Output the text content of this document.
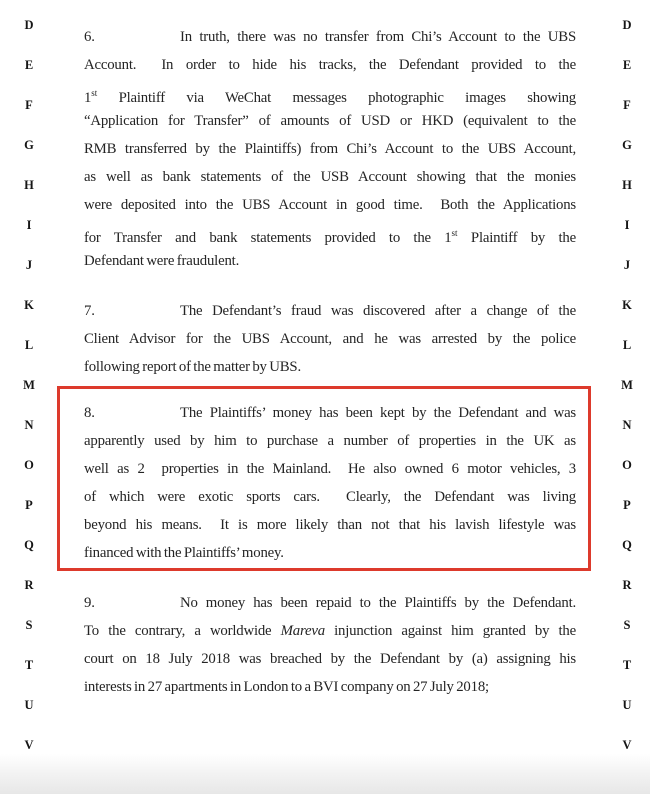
D
E
F
G
H
I
J
K
L
M
N
O
P
Q
R
S
T
U
V
D
E
F
G
H
I
J
K
L
M
N
O
P
Q
R
S
T
U
V
6.	In truth, there was no transfer from Chi’s Account to the UBS
Account.  In order to hide his tracks, the Defendant provided to the
1st Plaintiff via WeChat messages photographic images showing
“Application for Transfer” of amounts of USD or HKD (equivalent to the
RMB transferred by the Plaintiffs) from Chi’s Account to the UBS Account,
as well as bank statements of the USB Account showing that the monies
were deposited into the UBS Account in good time.  Both the Applications
for Transfer and bank statements provided to the 1st Plaintiff by the
Defendant were fraudulent.
7.	The Defendant’s fraud was discovered after a change of the
Client Advisor for the UBS Account, and he was arrested by the police
following report of the matter by UBS.
8.	The Plaintiffs’ money has been kept by the Defendant and was
apparently used by him to purchase a number of properties in the UK as
well as 2  properties in the Mainland.  He also owned 6 motor vehicles, 3
of which were exotic sports cars.  Clearly, the Defendant was living
beyond his means.  It is more likely than not that his lavish lifestyle was
financed with the Plaintiffs’ money.
9.	No money has been repaid to the Plaintiffs by the Defendant.
To the contrary, a worldwide Mareva injunction against him granted by the
court on 18 July 2018 was breached by the Defendant by (a) assigning his
interests in 27 apartments in London to a BVI company on 27 July 2018;
